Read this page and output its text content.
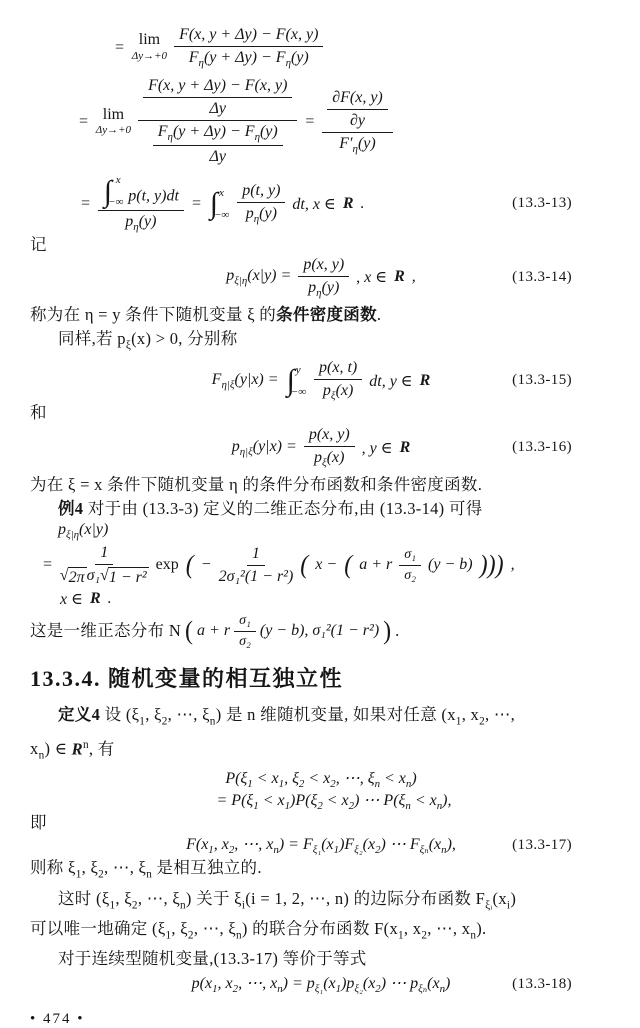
= lim
$\Delta y\to+0 \frac{F(x, y + \Delta y) - F(x, y)}{F_\eta(y + \Delta y) - F_\eta(y)}$
= lim
$\Delta y\to+0 \frac{\frac{F(x, y + \Delta y) - F(x, y)}{\Delta y}}{\frac{F_\eta(y + \Delta y) - F_\eta(y)}{\Delta y}} = \frac{\frac{\partial F(x, y)}{\partial y}}{F'_\eta(y)}$
= ∫ x
−∞ p(t, y)dt
$p_\eta(y)$
= ∫ x
−∞ $\frac{p(t, y)}{p_\eta(y)}$ dt, x ∈ R .	(13.3-13)
记
$p_{\xi|\eta}(x|y) = \frac{p(x, y)}{p_\eta(y)}$ , x ∈ R ,	(13.3-14)
称为在 η = y 条件下随机变量 ξ 的条件密度函数.
同样,若 $p_\xi(x) > 0$, 分别称
$F_{\eta|\xi}(y|x)$ = ∫ y
−∞ $\frac{p(x, t)}{p_\xi(x)}$ dt, y ∈ R	(13.3-15)
和
$p_{\eta|\xi}(y|x) = \frac{p(x, y)}{p_\xi(x)}$ , y ∈ R	(13.3-16)
为在 ξ = x 条件下随机变量 η 的条件分布函数和条件密度函数.
例4 对于由 (13.3-3) 定义的二维正态分布,由 (13.3-14) 可得
$p_{\xi|\eta}(x|y)$
= $\frac{1}{\text{√ 2π σ₁ √ 1 − r²}}$ exp ( − $\frac{1}{\text{2σ₁²(1 − r²)}}$ ( x − ( a + r $\frac{\text{σ₁}}{\text{σ₂}} (y - b)$ ))) ,
x ∈ R .
这是一维正态分布 N ( a + r $\frac{\text{σ₁}}{\text{σ₂}} (y - b)$, σ₁²(1 − r²) ) .
13.3.4. 随机变量的相互独立性
定义4 设 ($\xi_1$, $\xi_2$, ⋯, $\xi_n$) 是 n 维随机变量, 如果对任意 ($x_1$, $x_2$, ⋯,
$x_n$) ∈ $R^n$, 有
$P(\xi_1 < x_1$, $\xi_2 < x_2$, ⋯, $\xi_n < x_n$)
= $P(\xi_1 < x_1)P(\xi_2 < x_2)$ ⋯ $P(\xi_n < x_n)$,
即
$F(x_1$, $x_2$, ⋯, $x_n) = F_{\xi_1}(x_1)F_{\xi_2}(x_2)$ ⋯ $F_{\xi_n}(x_n)$,	(13.3-17)
则称 $\xi_1$, $\xi_2$, ⋯, $\xi_n$ 是相互独立的.
这时 ($\xi_1$, $\xi_2$, ⋯, $\xi_n$) 关于 $\xi_i(i = 1$, 2, ⋯, n) 的边际分布函数 $F_{\xi ᵢ}(x_i)$
可以唯一地确定 ($\xi_1$, $\xi_2$, ⋯, $\xi_n$) 的联合分布函数 $F(x_1$, $x_2$, ⋯, $x_n$).
对于连续型随机变量,(13.3-17) 等价于等式
$p(x_1$, $x_2$, ⋯, $x_n) = p_{\xi_1}(x_1)p_{\xi_2}(x_2)$ ⋯ $p_{\xi_n}(x_n)$	(13.3-18)
• 474 •
